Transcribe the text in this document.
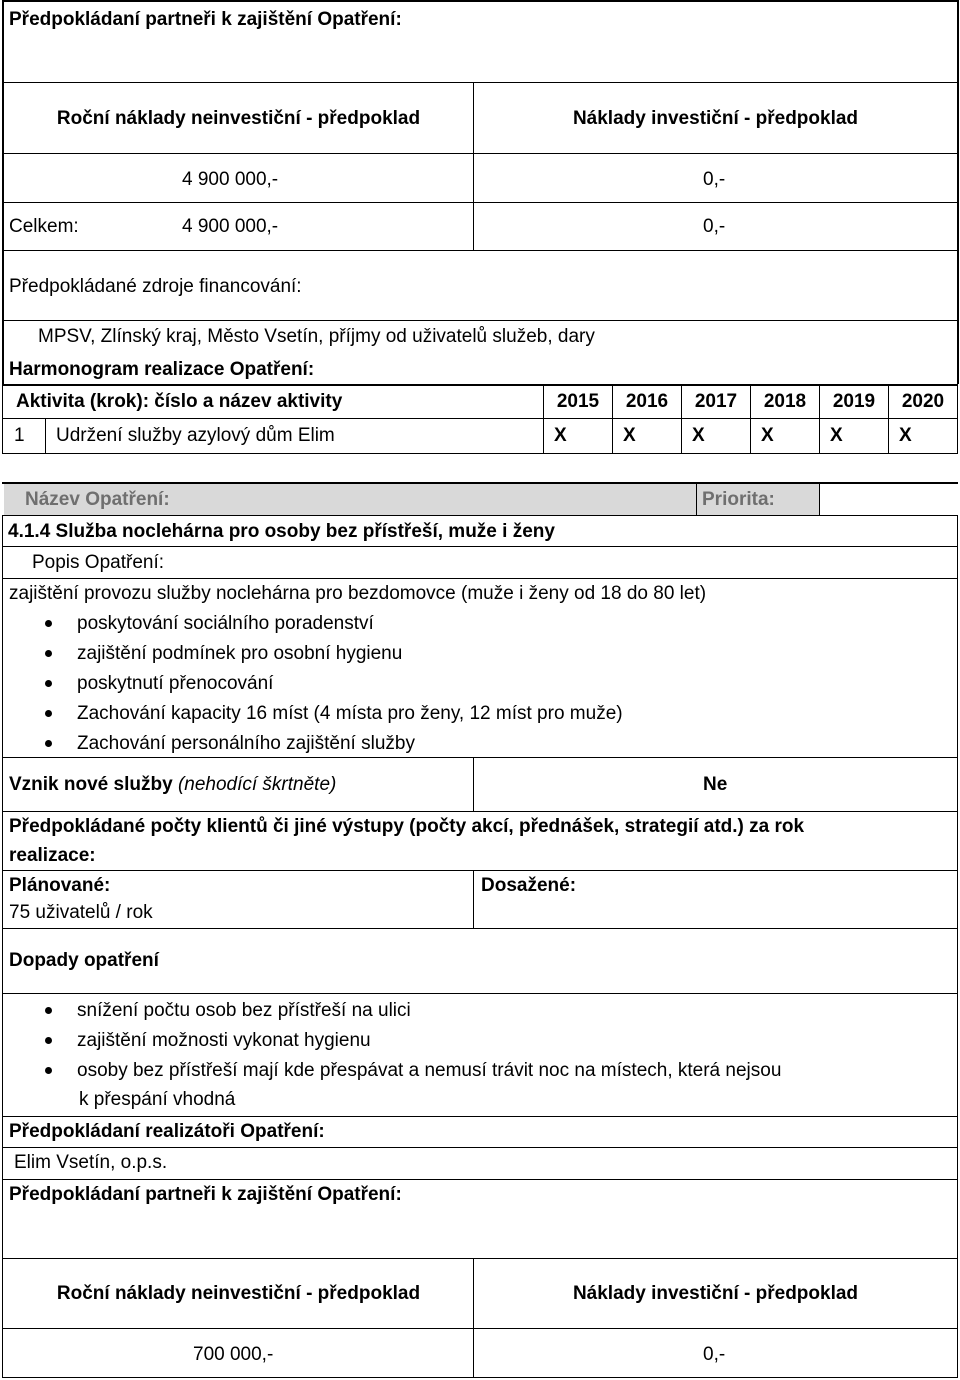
Předpokládaní partneři k zajištění Opatření:
Roční náklady neinvestiční - předpoklad	Náklady investiční - předpoklad
4 900 000,-	0,-
Celkem:	4 900 000,-	0,-
Předpokládané zdroje financování:
MPSV, Zlínský kraj, Město Vsetín, příjmy od uživatelů služeb, dary
Harmonogram realizace Opatření:
Aktivita (krok): číslo a název aktivity	2015	2016	2017	2018	2019	2020
1 Udržení služby azylový dům Elim	X	X	X	X	X	X
Název Opatření:	Priorita:
4.1.4 Služba noclehárna pro osoby bez přístřeší, muže i ženy
Popis Opatření:
zajištění provozu služby noclehárna pro bezdomovce (muže i ženy od 18 do 80 let)
poskytování sociálního poradenství
zajištění podmínek pro osobní hygienu
poskytnutí přenocování
Zachování kapacity 16 míst (4 místa pro ženy, 12 míst pro muže)
Zachování personálního zajištění služby
Vznik nové služby (nehodící škrtněte)	Ne
Předpokládané počty klientů či jiné výstupy (počty akcí, přednášek, strategií atd.) za rok
realizace:
Plánované:
75 uživatelů / rok
Dosažené:
Dopady opatření
snížení počtu osob bez přístřeší na ulici
zajištění možnosti vykonat hygienu
osoby bez přístřeší mají kde přespávat a nemusí trávit noc na místech, která nejsou
k přespání vhodná
Předpokládaní realizátoři Opatření:
Elim Vsetín, o.p.s.
Předpokládaní partneři k zajištění Opatření:
Roční náklady neinvestiční - předpoklad	Náklady investiční - předpoklad
700 000,-	0,-
